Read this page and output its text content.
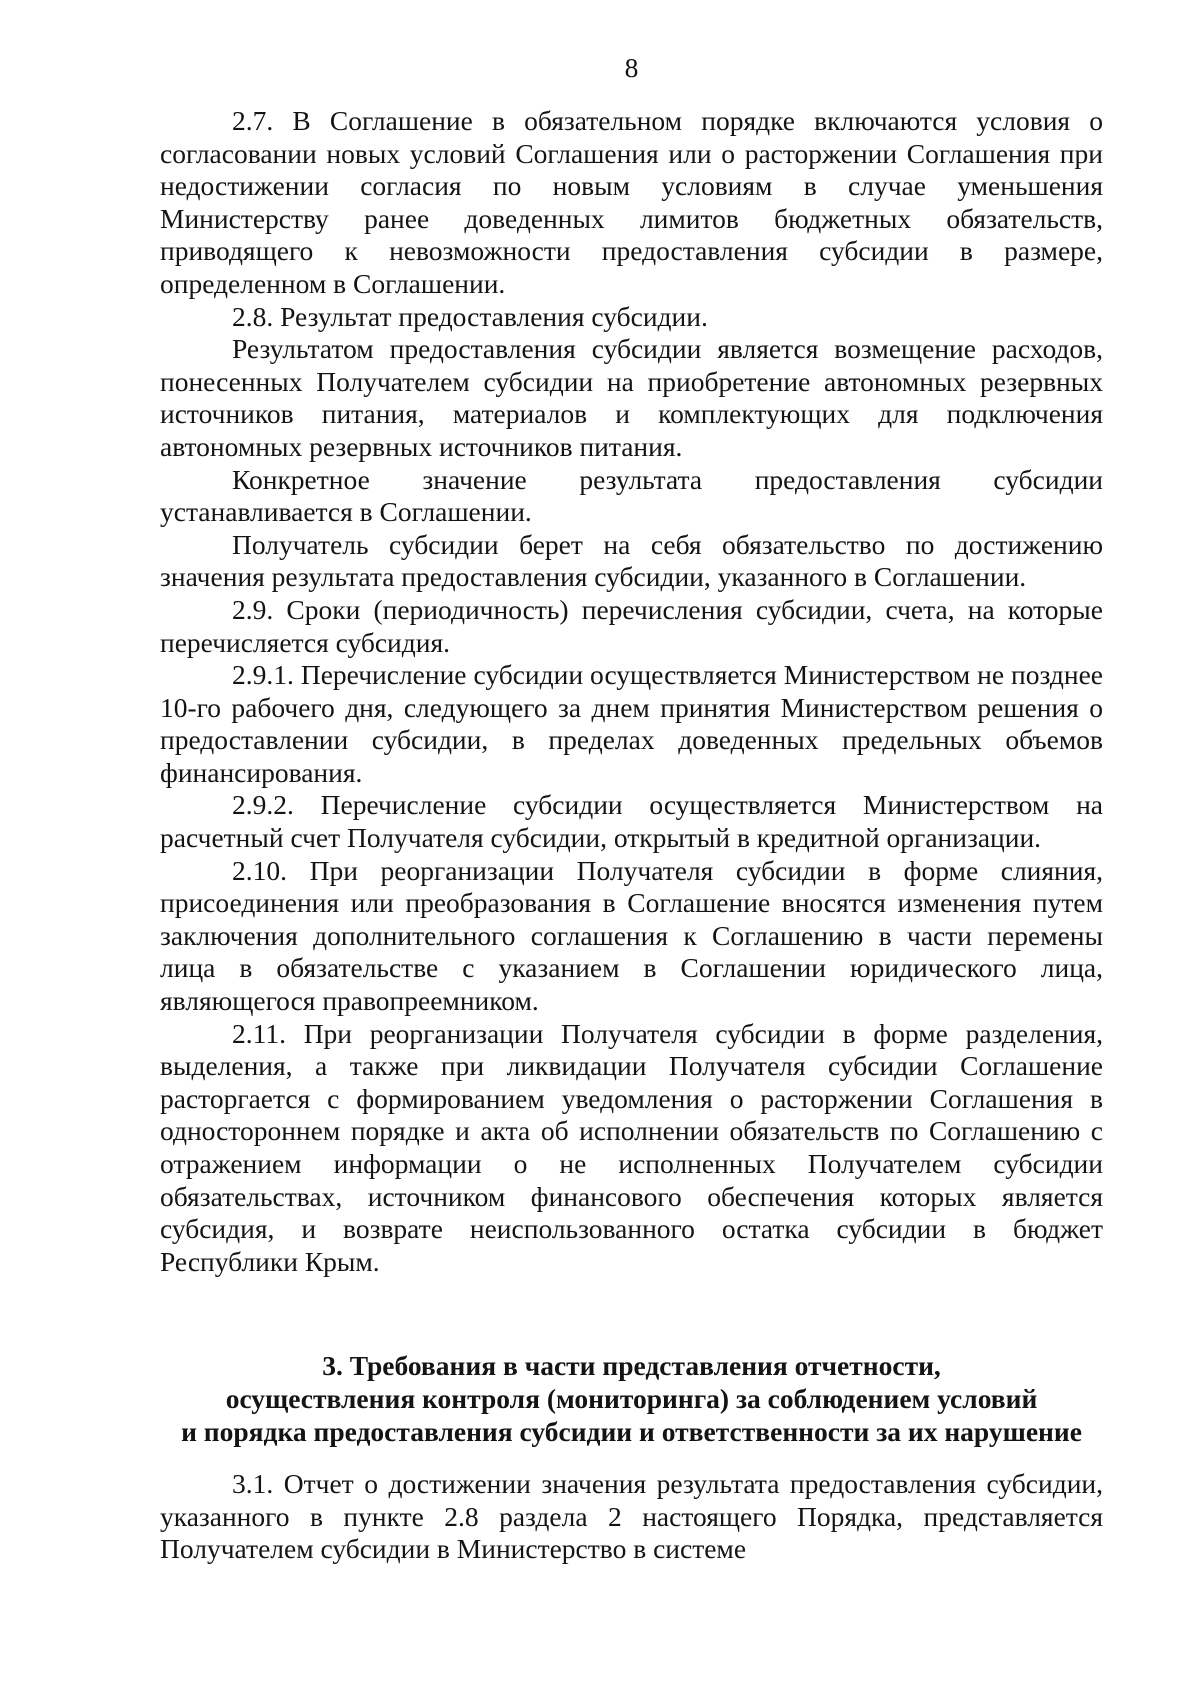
8

2.7. В Соглашение в обязательном порядке включаются условия о согласовании новых условий Соглашения или о расторжении Соглашения при недостижении согласия по новым условиям в случае уменьшения Министерству ранее доведенных лимитов бюджетных обязательств, приводящего к невозможности предоставления субсидии в размере, определенном в Соглашении.

2.8. Результат предоставления субсидии.

Результатом предоставления субсидии является возмещение расходов, понесенных Получателем субсидии на приобретение автономных резервных источников питания, материалов и комплектующих для подключения автономных резервных источников питания.

Конкретное значение результата предоставления субсидии устанавливается в Соглашении.

Получатель субсидии берет на себя обязательство по достижению значения результата предоставления субсидии, указанного в Соглашении.

2.9. Сроки (периодичность) перечисления субсидии, счета, на которые перечисляется субсидия.

2.9.1. Перечисление субсидии осуществляется Министерством не позднее 10-го рабочего дня, следующего за днем принятия Министерством решения о предоставлении субсидии, в пределах доведенных предельных объемов финансирования.

2.9.2. Перечисление субсидии осуществляется Министерством на расчетный счет Получателя субсидии, открытый в кредитной организации.

2.10. При реорганизации Получателя субсидии в форме слияния, присоединения или преобразования в Соглашение вносятся изменения путем заключения дополнительного соглашения к Соглашению в части перемены лица в обязательстве с указанием в Соглашении юридического лица, являющегося правопреемником.

2.11. При реорганизации Получателя субсидии в форме разделения, выделения, а также при ликвидации Получателя субсидии Соглашение расторгается с формированием уведомления о расторжении Соглашения в одностороннем порядке и акта об исполнении обязательств по Соглашению с отражением информации о не исполненных Получателем субсидии обязательствах, источником финансового обеспечения которых является субсидия, и возврате неиспользованного остатка субсидии в бюджет Республики Крым.

3. Требования в части представления отчетности,
осуществления контроля (мониторинга) за соблюдением условий
и порядка предоставления субсидии и ответственности за их нарушение

3.1. Отчет о достижении значения результата предоставления субсидии, указанного в пункте 2.8 раздела 2 настоящего Порядка, представляется Получателем субсидии в Министерство в системе
